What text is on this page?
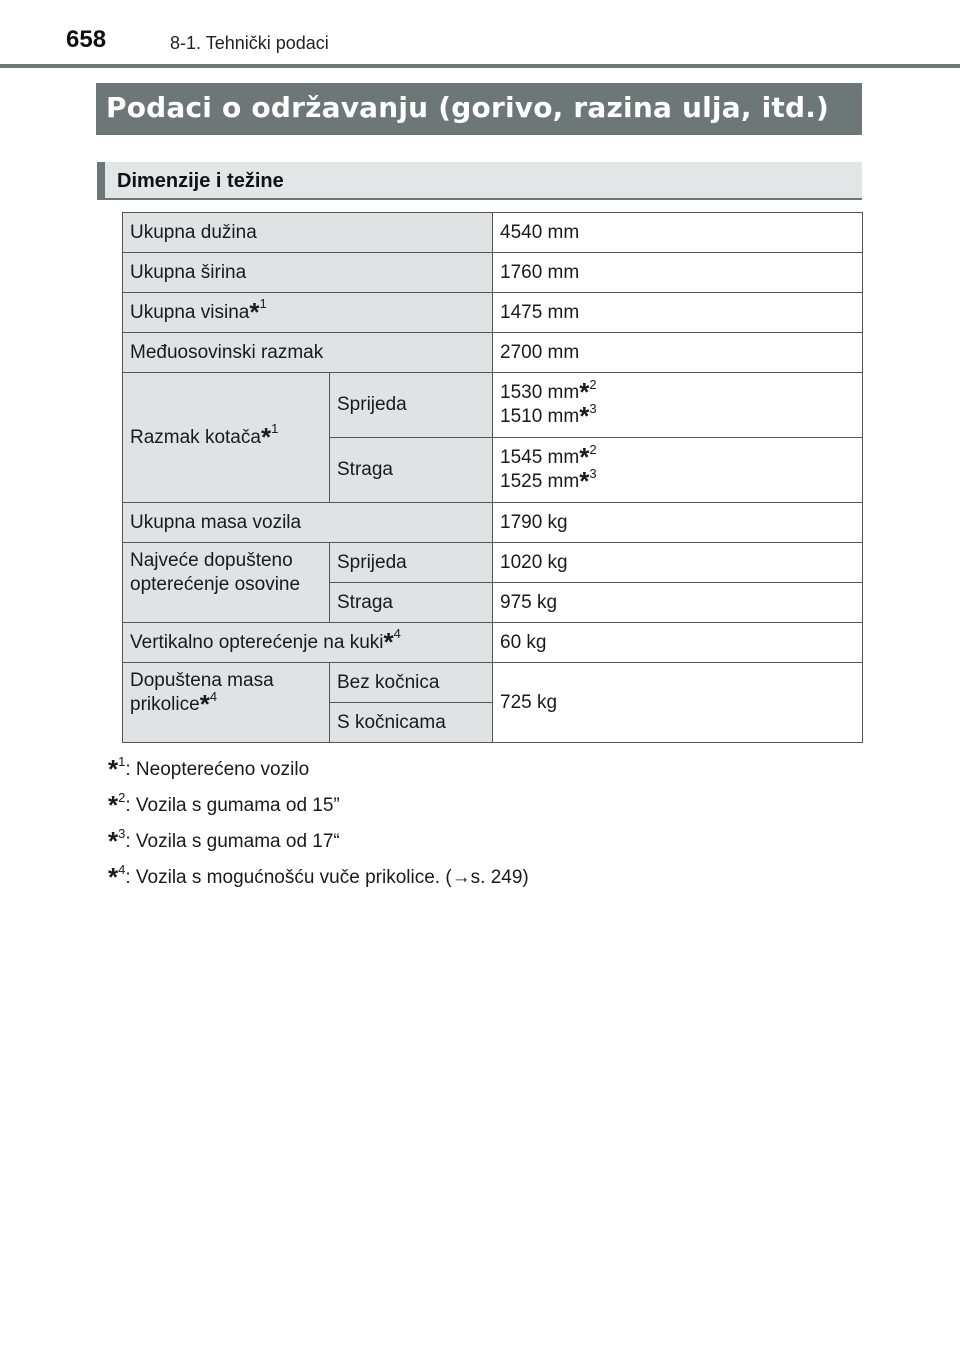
658	8-1. Tehnički podaci
Podaci o održavanju (gorivo, razina ulja, itd.)
Dimenzije i težine
Ukupna dužina		4540 mm
Ukupna širina		1760 mm
Ukupna visina*$^1$		1475 mm
Međuosovinski razmak		2700 mm
Razmak kotača*$^1$	Sprijeda	1530 mm*$^2$
1510 mm*$^3$

	Straga	1545 mm*$^2$
1525 mm*$^3$

Ukupna masa vozila		1790 kg

Najveće dopušteno
opterećenje osovine	Sprijeda	1020 kg
	Straga	975 kg
Vertikalno opterećenje na kuki*$^4$		60 kg

Dopuštena masa
prikolice*$^4$	Bez kočnica	725 kg
	S kočnicama	
*$^1$: Neopterećeno vozilo
*$^2$: Vozila s gumama od 15”
*$^3$: Vozila s gumama od 17“
*$^4$: Vozila s mogućnošću vuče prikolice. (→s. 249)
